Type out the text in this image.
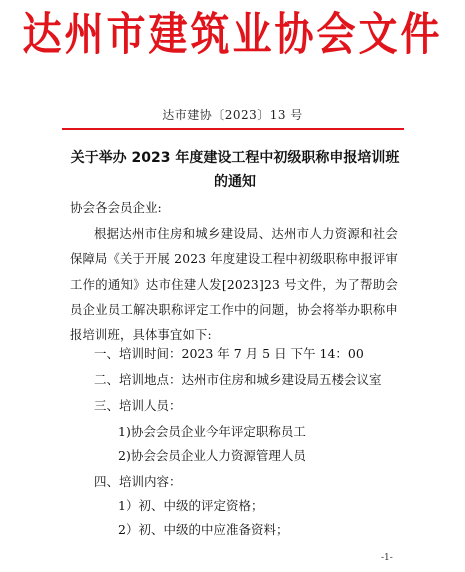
达州市建筑业协会文件
达市建协〔2023〕13 号
关于举办 2023 年度建设工程中初级职称申报培训班
的通知
协会各会员企业:
根据达州市住房和城乡建设局、达州市人力资源和社会保障局《关于开展 2023 年度建设工程中初级职称申报评审工作的通知》达市住建人发[2023]23 号文件，为了帮助会员企业员工解决职称评定工作中的问题，协会将举办职称申报培训班，具体事宜如下:
一、培训时间：2023 年 7 月 5 日 下午 14：00
二、培训地点：达州市住房和城乡建设局五楼会议室
三、培训人员：
1)协会会员企业今年评定职称员工
2)协会会员企业人力资源管理人员
四、培训内容：
1）初、中级的评定资格；
2）初、中级的中应准备资料；
-1-
